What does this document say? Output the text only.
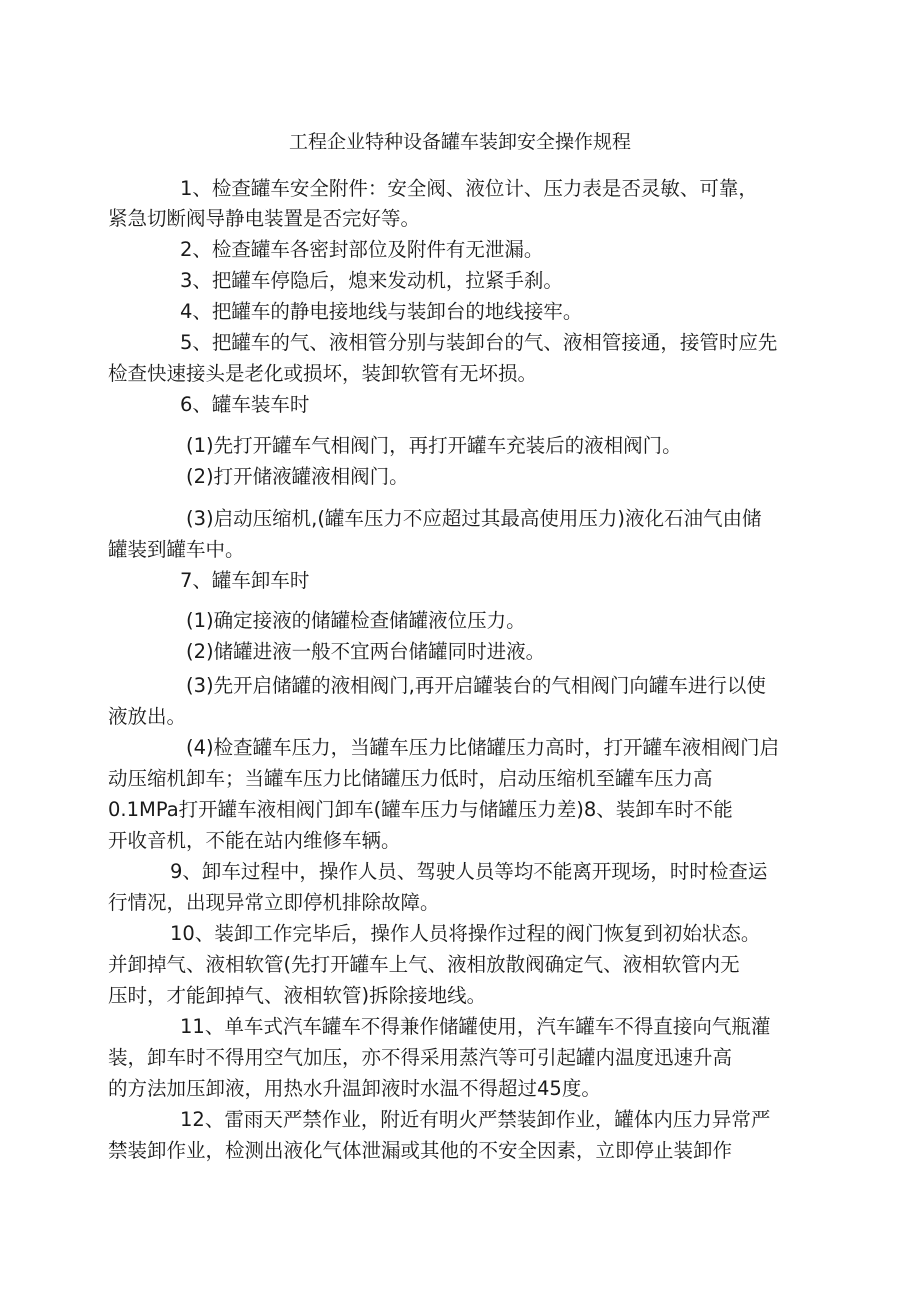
工程企业特种设备罐车装卸安全操作规程
1、检查罐车安全附件：安全阀、液位计、压力表是否灵敏、可靠，
紧急切断阀导静电装置是否完好等。
2、检查罐车各密封部位及附件有无泄漏。
3、把罐车停隐后，熄来发动机，拉紧手刹。
4、把罐车的静电接地线与装卸台的地线接牢。
5、把罐车的气、液相管分别与装卸台的气、液相管接通，接管时应先
检查快速接头是老化或损坏，装卸软管有无坏损。
6、罐车装车时
(1)先打开罐车气相阀门，再打开罐车充装后的液相阀门。
(2)打开储液罐液相阀门。
(3)启动压缩机,(罐车压力不应超过其最高使用压力)液化石油气由储
罐装到罐车中。
7、罐车卸车时
(1)确定接液的储罐检查储罐液位压力。
(2)储罐进液一般不宜两台储罐同时进液。
(3)先开启储罐的液相阀门,再开启罐装台的气相阀门向罐车进行以使
液放出。
(4)检查罐车压力，当罐车压力比储罐压力高时，打开罐车液相阀门启
动压缩机卸车；当罐车压力比储罐压力低时，启动压缩机至罐车压力高
0.1MPa打开罐车液相阀门卸车(罐车压力与储罐压力差)8、装卸车时不能
开收音机，不能在站内维修车辆。
9、卸车过程中，操作人员、驾驶人员等均不能离开现场，时时检查运
行情况，出现异常立即停机排除故障。
10、装卸工作完毕后，操作人员将操作过程的阀门恢复到初始状态。
并卸掉气、液相软管(先打开罐车上气、液相放散阀确定气、液相软管内无
压时，才能卸掉气、液相软管)拆除接地线。
11、单车式汽车罐车不得兼作储罐使用，汽车罐车不得直接向气瓶灌
装，卸车时不得用空气加压，亦不得采用蒸汽等可引起罐内温度迅速升高
的方法加压卸液，用热水升温卸液时水温不得超过45度。
12、雷雨天严禁作业，附近有明火严禁装卸作业，罐体内压力异常严
禁装卸作业，检测出液化气体泄漏或其他的不安全因素，立即停止装卸作
